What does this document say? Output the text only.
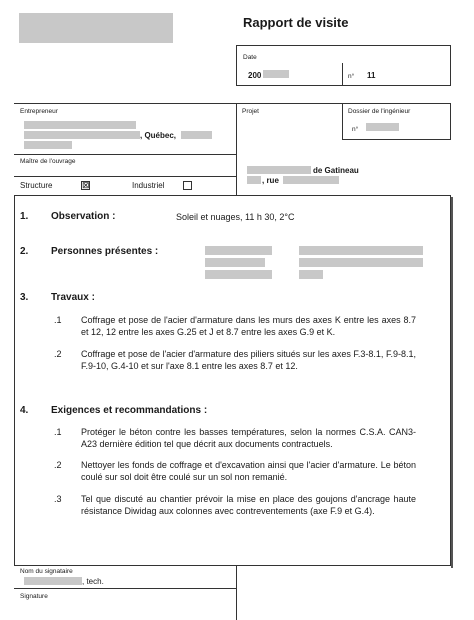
Rapport de visite
Date
200	n° 11
Entrepreneur
, Québec,
Maître de l'ouvrage
Structure	⊠	Industriel
Projet	Dossier de l'ingénieur
n°
de Gatineau
, rue
1. Observation :	Soleil et nuages, 11 h 30, 2°C
2. Personnes présentes :
3. Travaux :
.1 Coffrage et pose de l'acier d'armature dans les murs des axes K entre les axes 8.7 et 12, 12 entre les axes G.25 et J et 8.7 entre les axes G.9 et K.
.2 Coffrage et pose de l'acier d'armature des piliers situés sur les axes F.3-8.1, F.9-8.1, F.9-10, G.4-10 et sur l'axe 8.1 entre les axes 8.7 et 12.
4. Exigences et recommandations :
.1 Protéger le béton contre les basses températures, selon la normes C.S.A. CAN3-A23 dernière édition tel que décrit aux documents contractuels.
.2 Nettoyer les fonds de coffrage et d'excavation ainsi que l'acier d'armature. Le béton coulé sur sol doit être coulé sur un sol non remanié.
.3 Tel que discuté au chantier prévoir la mise en place des goujons d'ancrage haute résistance Diwidag aux colonnes avec contreventements (axe F.9 et G.4).
Nom du signataire
, tech.
Signature
